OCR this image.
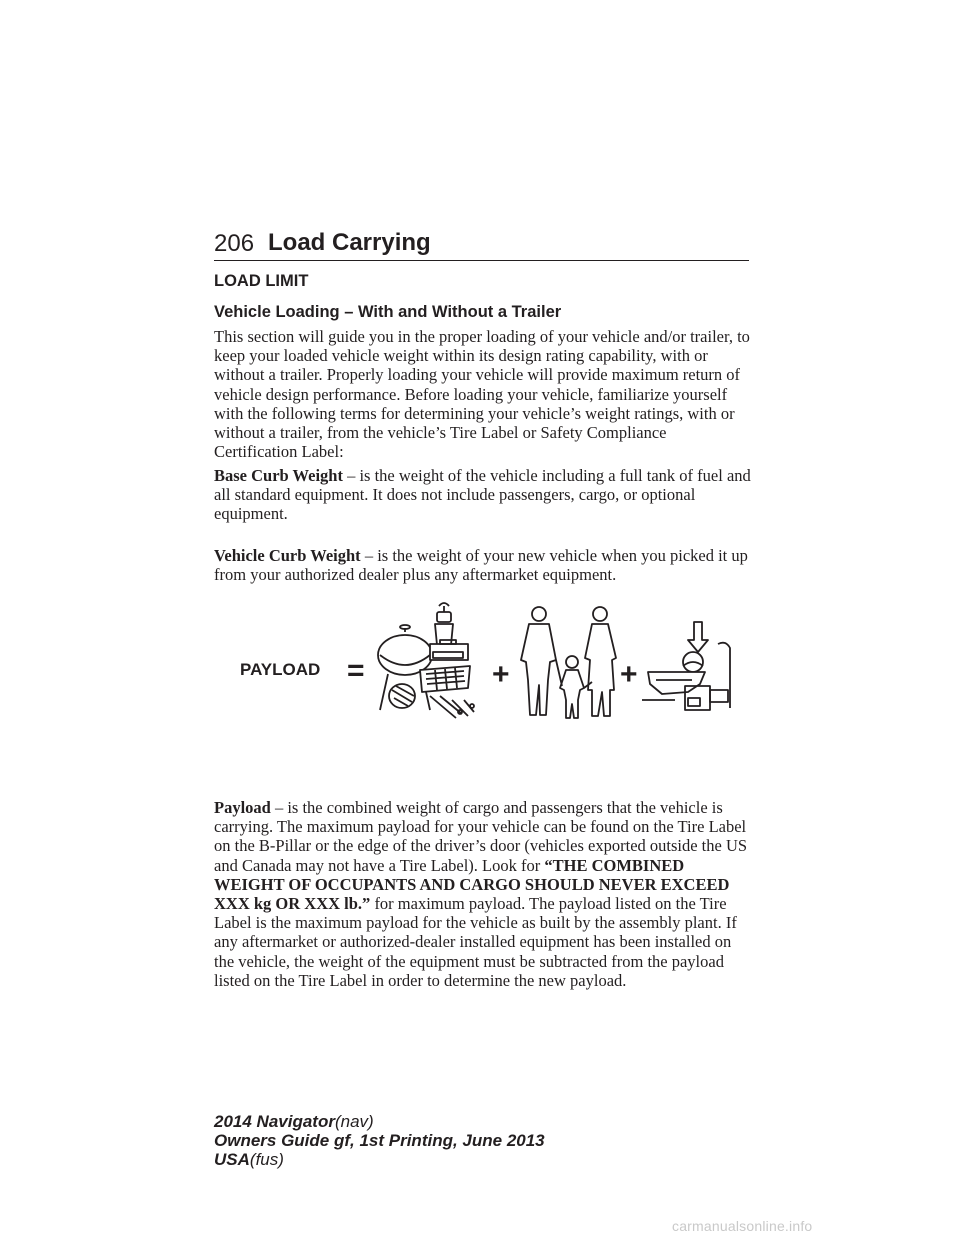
206 Load Carrying
LOAD LIMIT
Vehicle Loading – With and Without a Trailer

This section will guide you in the proper loading of your vehicle and/or trailer, to keep your loaded vehicle weight within its design rating capability, with or without a trailer. Properly loading your vehicle will provide maximum return of vehicle design performance. Before loading your vehicle, familiarize yourself with the following terms for determining your vehicle’s weight ratings, with or without a trailer, from the vehicle’s Tire Label or Safety Compliance Certification Label:

Base Curb Weight – is the weight of the vehicle including a full tank of fuel and all standard equipment. It does not include passengers, cargo, or optional equipment.

Vehicle Curb Weight – is the weight of your new vehicle when you picked it up from your authorized dealer plus any aftermarket equipment.

PAYLOAD =	+	+

Payload – is the combined weight of cargo and passengers that the vehicle is carrying. The maximum payload for your vehicle can be found on the Tire Label on the B-Pillar or the edge of the driver’s door (vehicles exported outside the US and Canada may not have a Tire Label). Look for “THE COMBINED WEIGHT OF OCCUPANTS AND CARGO SHOULD NEVER EXCEED XXX kg OR XXX lb.” for maximum payload. The payload listed on the Tire Label is the maximum payload for the vehicle as built by the assembly plant. If any aftermarket or authorized-dealer installed equipment has been installed on the vehicle, the weight of the equipment must be subtracted from the payload listed on the Tire Label in order to determine the new payload.

2014 Navigator(nav)
Owners Guide gf, 1st Printing, June 2013
USA(fus)
carmanualsonline.info
